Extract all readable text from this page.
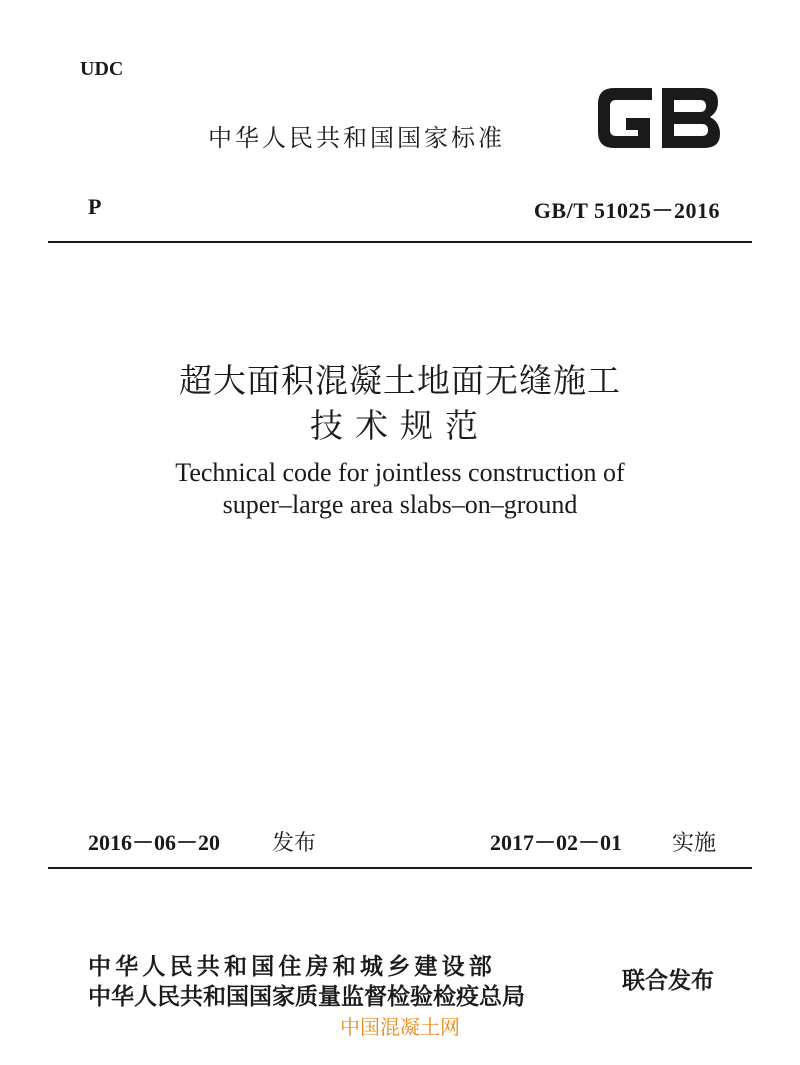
UDC
中华人民共和国国家标准
P	GB/T 51025－2016
超大面积混凝土地面无缝施工
技术规范
Technical code for jointless construction of
super–large area slabs–on–ground
2016－06－20 发布	2017－02－01 实施
中华人民共和国住房和城乡建设部
中华人民共和国国家质量监督检验检疫总局
联合发布
中国混凝土网
